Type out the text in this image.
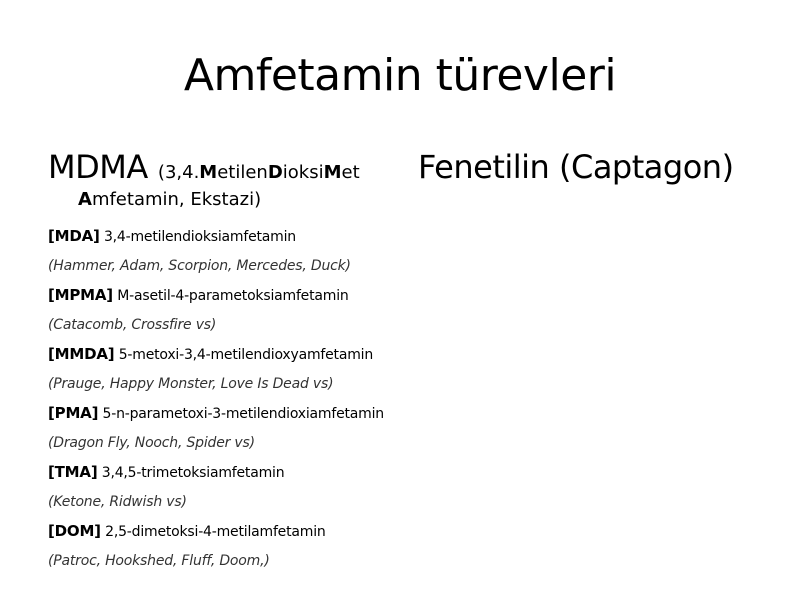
Amfetamin türevleri
MDMA (3,4.MetilenDioksiMet
Amfetamin, Ekstazi)
[MDA] 3,4-metilendioksiamfetamin
(Hammer, Adam, Scorpion, Mercedes, Duck)
[MPMA] M-asetil-4-parametoksiamfetamin
(Catacomb, Crossfire vs)
[MMDA] 5-metoxi-3,4-metilendioxyamfetamin
(Prauge, Happy Monster, Love Is Dead vs)
[PMA] 5-n-parametoxi-3-metilendioxiamfetamin
(Dragon Fly, Nooch, Spider vs)
[TMA] 3,4,5-trimetoksiamfetamin
(Ketone, Ridwish vs)
[DOM] 2,5-dimetoksi-4-metilamfetamin
(Patroc, Hookshed, Fluff, Doom,)
Fenetilin (Captagon)
